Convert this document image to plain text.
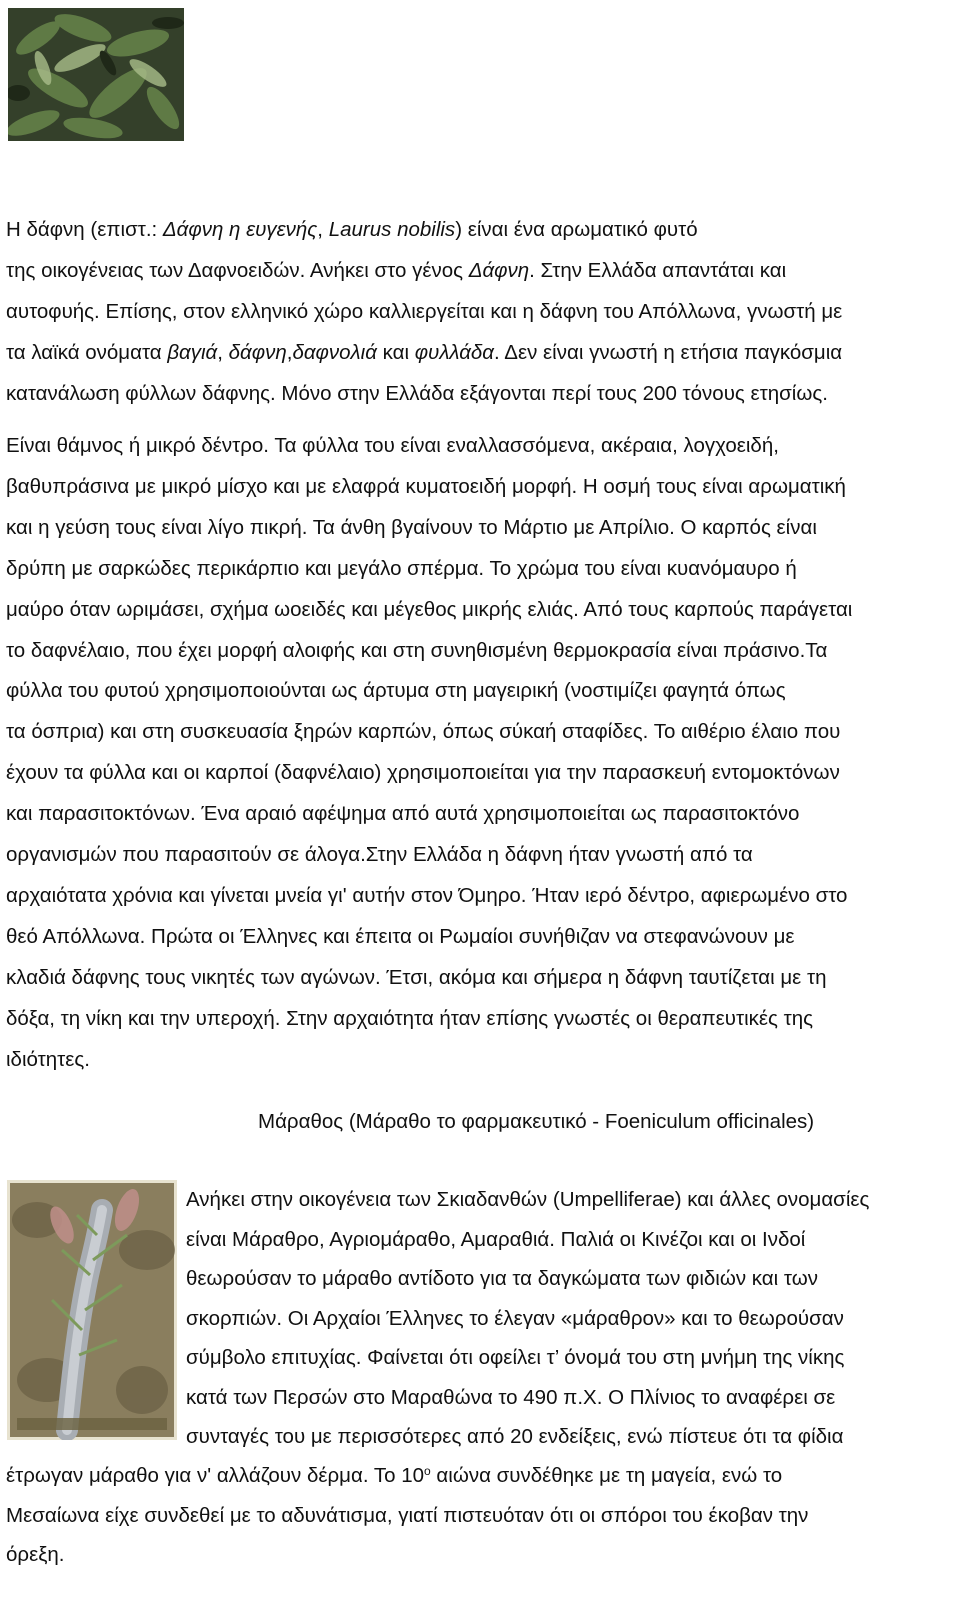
Η δάφνη (επιστ.: Δάφνη η ευγενής, Laurus nobilis) είναι ένα αρωματικό φυτό
της οικογένειας των Δαφνοειδών. Ανήκει στο γένος Δάφνη. Στην Ελλάδα απαντάται και
αυτοφυής. Επίσης, στον ελληνικό χώρο καλλιεργείται και η δάφνη του Απόλλωνα, γνωστή με
τα λαϊκά ονόματα βαγιά, δάφνη,δαφνολιά και φυλλάδα. Δεν είναι γνωστή η ετήσια παγκόσμια
κατανάλωση φύλλων δάφνης. Μόνο στην Ελλάδα εξάγονται περί τους 200 τόνους ετησίως.

Είναι θάμνος ή μικρό δέντρο. Τα φύλλα του είναι εναλλασσόμενα, ακέραια, λογχοειδή,
βαθυπράσινα με μικρό μίσχο και με ελαφρά κυματοειδή μορφή. Η οσμή τους είναι αρωματική
και η γεύση τους είναι λίγο πικρή. Τα άνθη βγαίνουν το Μάρτιο με Απρίλιο. Ο καρπός είναι
δρύπη με σαρκώδες περικάρπιο και μεγάλο σπέρμα. Το χρώμα του είναι κυανόμαυρο ή
μαύρο όταν ωριμάσει, σχήμα ωοειδές και μέγεθος μικρής ελιάς. Από τους καρπούς παράγεται
το δαφνέλαιο, που έχει μορφή αλοιφής και στη συνηθισμένη θερμοκρασία είναι πράσινο.Τα
φύλλα του φυτού χρησιμοποιούνται ως άρτυμα στη μαγειρική (νοστιμίζει φαγητά όπως
τα όσπρια) και στη συσκευασία ξηρών καρπών, όπως σύκαή σταφίδες. Το αιθέριο έλαιο που
έχουν τα φύλλα και οι καρποί (δαφνέλαιο) χρησιμοποιείται για την παρασκευή εντομοκτόνων
και παρασιτοκτόνων. Ένα αραιό αφέψημα από αυτά χρησιμοποιείται ως παρασιτοκτόνο
οργανισμών που παρασιτούν σε άλογα.Στην Ελλάδα η δάφνη ήταν γνωστή από τα
αρχαιότατα χρόνια και γίνεται μνεία γι' αυτήν στον Όμηρο. Ήταν ιερό δέντρο, αφιερωμένο στο
θεό Απόλλωνα. Πρώτα οι Έλληνες και έπειτα οι Ρωμαίοι συνήθιζαν να στεφανώνουν με
κλαδιά δάφνης τους νικητές των αγώνων. Έτσι, ακόμα και σήμερα η δάφνη ταυτίζεται με τη
δόξα, τη νίκη και την υπεροχή. Στην αρχαιότητα ήταν επίσης γνωστές οι θεραπευτικές της
ιδιότητες.

Μάραθος (Μάραθο το φαρμακευτικό - Foeniculum officinales)

Ανήκει στην οικογένεια των Σκιαδανθών (Umpelliferae) και άλλες ονομασίες
είναι Μάραθρο, Αγριομάραθο, Αμαραθιά. Παλιά οι Κινέζοι και οι Ινδοί
θεωρούσαν το μάραθο αντίδοτο για τα δαγκώματα των φιδιών και των
σκορπιών. Οι Αρχαίοι Έλληνες το έλεγαν «μάραθρον» και το θεωρούσαν
σύμβολο επιτυχίας. Φαίνεται ότι οφείλει τ’ όνομά του στη μνήμη της νίκης
κατά των Περσών στο Μαραθώνα το 490 π.Χ. Ο Πλίνιος το αναφέρει σε
συνταγές του με περισσότερες από 20 ενδείξεις, ενώ πίστευε ότι τα φίδια

έτρωγαν μάραθο για ν' αλλάζουν δέρμα. Το $10^o$ αιώνα συνδέθηκε με τη μαγεία, ενώ το
Μεσαίωνα είχε συνδεθεί με το αδυνάτισμα, γιατί πιστευόταν ότι οι σπόροι του έκοβαν την
όρεξη.
